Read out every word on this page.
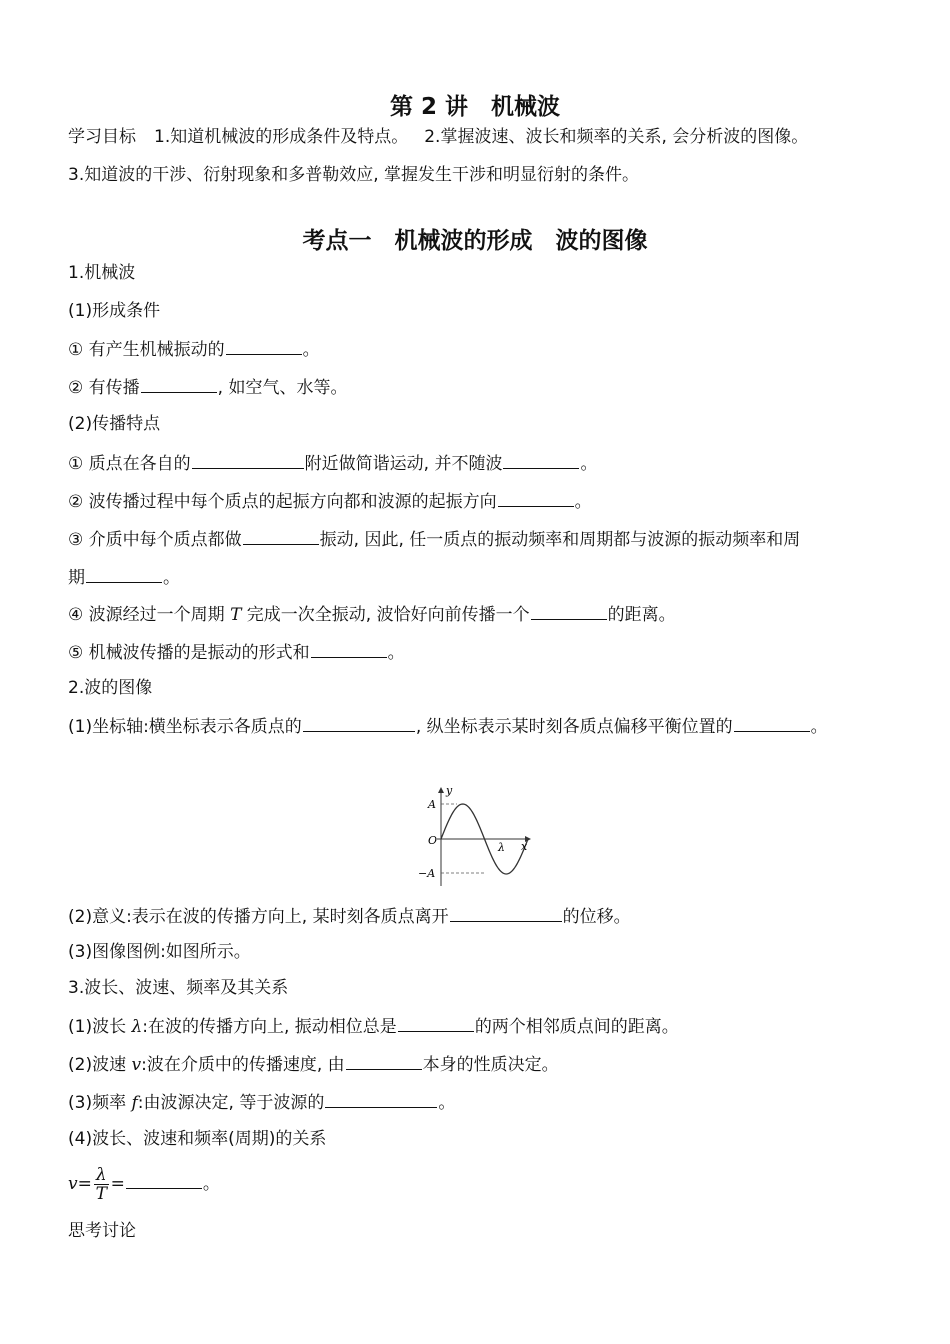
第 2 讲　机械波
学习目标 1.知道机械波的形成条件及特点。 2.掌握波速、波长和频率的关系, 会分析波的图像。
3.知道波的干涉、衍射现象和多普勒效应, 掌握发生干涉和明显衍射的条件。
考点一　机械波的形成　波的图像
1.机械波
(1)形成条件
① 有产生机械振动的	。
② 有传播	, 如空气、水等。
(2)传播特点
① 质点在各自的	附近做简谐运动, 并不随波	。
② 波传播过程中每个质点的起振方向都和波源的起振方向	。
③ 介质中每个质点都做	振动, 因此, 任一质点的振动频率和周期都与波源的振动频率和周
期	。
④ 波源经过一个周期 T 完成一次全振动, 波恰好向前传播一个	的距离。
⑤ 机械波传播的是振动的形式和	。
2.波的图像
(1)坐标轴:横坐标表示各质点的	, 纵坐标表示某时刻各质点偏移平衡位置的	。
y
x
A
O
−A
λ
(2)意义:表示在波的传播方向上, 某时刻各质点离开	的位移。
(3)图像图例:如图所示。
3.波长、波速、频率及其关系
(1)波长 λ:在波的传播方向上, 振动相位总是	的两个相邻质点间的距离。
(2)波速 v:波在介质中的传播速度, 由	本身的性质决定。
(3)频率 f:由波源决定, 等于波源的	。
(4)波长、波速和频率(周期)的关系
$v= \frac{\lambda}{T}$ =	。
思考讨论
